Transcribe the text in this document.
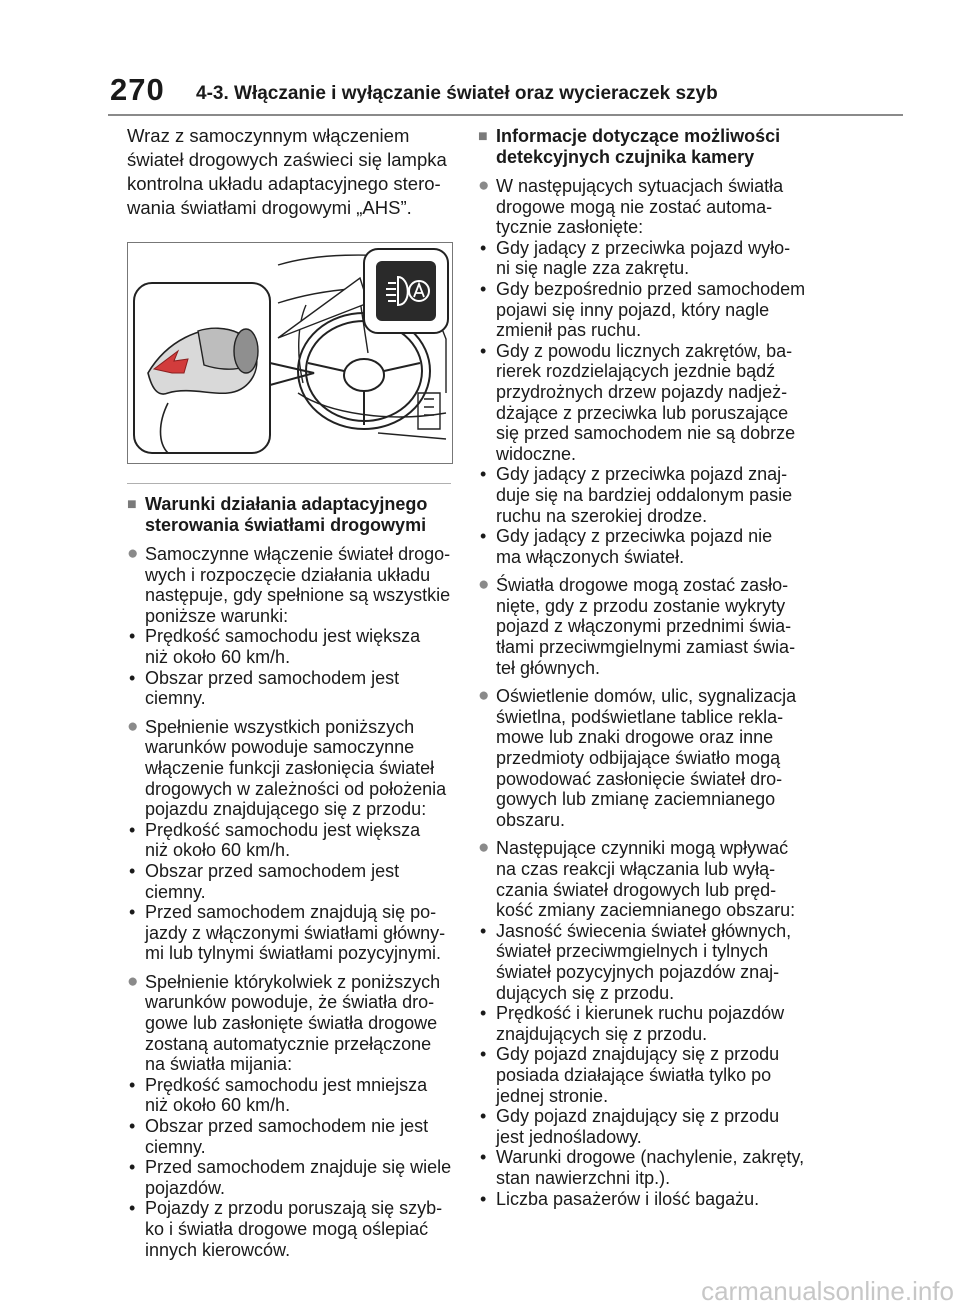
270 4-3. Włączanie i wyłączanie świateł oraz wycieraczek szyb
Wraz z samoczynnym włączeniem
świateł drogowych zaświeci się lampka
kontrolna układu adaptacyjnego stero-
wania światłami drogowymi „AHS”.
■ Warunki działania adaptacyjnego
sterowania światłami drogowymi
● Samoczynne włączenie świateł drogo-
wych i rozpoczęcie działania układu
następuje, gdy spełnione są wszystkie
poniższe warunki:
• Prędkość samochodu jest większa
niż około 60 km/h.
• Obszar przed samochodem jest
ciemny.
● Spełnienie wszystkich poniższych
warunków powoduje samoczynne
włączenie funkcji zasłonięcia świateł
drogowych w zależności od położenia
pojazdu znajdującego się z przodu:
• Prędkość samochodu jest większa
niż około 60 km/h.
• Obszar przed samochodem jest
ciemny.
• Przed samochodem znajdują się po-
jazdy z włączonymi światłami główny-
mi lub tylnymi światłami pozycyjnymi.
● Spełnienie którykolwiek z poniższych
warunków powoduje, że światła dro-
gowe lub zasłonięte światła drogowe
zostaną automatycznie przełączone
na światła mijania:
• Prędkość samochodu jest mniejsza
niż około 60 km/h.
• Obszar przed samochodem nie jest
ciemny.
• Przed samochodem znajduje się wiele
pojazdów.
• Pojazdy z przodu poruszają się szyb-
ko i światła drogowe mogą oślepiać
innych kierowców.
■ Informacje dotyczące możliwości
detekcyjnych czujnika kamery
● W następujących sytuacjach światła
drogowe mogą nie zostać automa-
tycznie zasłonięte:
• Gdy jadący z przeciwka pojazd wyło-
ni się nagle zza zakrętu.
• Gdy bezpośrednio przed samochodem
pojawi się inny pojazd, który nagle
zmienił pas ruchu.
• Gdy z powodu licznych zakrętów, ba-
rierek rozdzielających jezdnie bądź
przydrożnych drzew pojazdy nadjeż-
dżające z przeciwka lub poruszające
się przed samochodem nie są dobrze
widoczne.
• Gdy jadący z przeciwka pojazd znaj-
duje się na bardziej oddalonym pasie
ruchu na szerokiej drodze.
• Gdy jadący z przeciwka pojazd nie
ma włączonych świateł.
● Światła drogowe mogą zostać zasło-
nięte, gdy z przodu zostanie wykryty
pojazd z włączonymi przednimi świa-
tłami przeciwmgielnymi zamiast świa-
teł głównych.
● Oświetlenie domów, ulic, sygnalizacja
świetlna, podświetlane tablice rekla-
mowe lub znaki drogowe oraz inne
przedmioty odbijające światło mogą
powodować zasłonięcie świateł dro-
gowych lub zmianę zaciemnianego
obszaru.
● Następujące czynniki mogą wpływać
na czas reakcji włączania lub wyłą-
czania świateł drogowych lub pręd-
kość zmiany zaciemnianego obszaru:
• Jasność świecenia świateł głównych,
świateł przeciwmgielnych i tylnych
świateł pozycyjnych pojazdów znaj-
dujących się z przodu.
• Prędkość i kierunek ruchu pojazdów
znajdujących się z przodu.
• Gdy pojazd znajdujący się z przodu
posiada działające światła tylko po
jednej stronie.
• Gdy pojazd znajdujący się z przodu
jest jednośladowy.
• Warunki drogowe (nachylenie, zakręty,
stan nawierzchni itp.).
• Liczba pasażerów i ilość bagażu.
carmanualsonline.info
